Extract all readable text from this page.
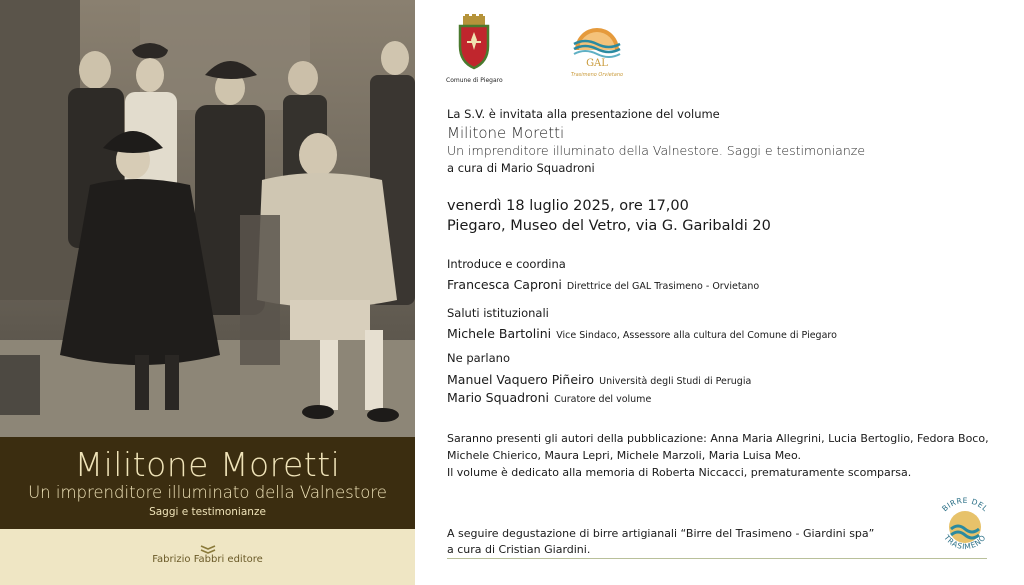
Militone Moretti
Un imprenditore illuminato della Valnestore
Saggi e testimonianze
Fabrizio Fabbri editore
Comune di Piegaro
GAL
Trasimeno Orvietano
La S.V. è invitata alla presentazione del volume
Militone Moretti
Un imprenditore illuminato della Valnestore. Saggi e testimonianze
a cura di Mario Squadroni
venerdì 18 luglio 2025, ore 17,00
Piegaro, Museo del Vetro, via G. Garibaldi 20
Introduce e coordina
Francesca Caproni Direttrice del GAL Trasimeno - Orvietano
Saluti istituzionali
Michele Bartolini Vice Sindaco, Assessore alla cultura del Comune di Piegaro
Ne parlano
Manuel Vaquero Piñeiro Università degli Studi di Perugia
Mario Squadroni Curatore del volume
Saranno presenti gli autori della pubblicazione: Anna Maria Allegrini, Lucia Bertoglio, Fedora Boco,
Michele Chierico, Maura Lepri, Michele Marzoli, Maria Luisa Meo.
Il volume è dedicato alla memoria di Roberta Niccacci, prematuramente scomparsa.
A seguire degustazione di birre artigianali “Birre del Trasimeno - Giardini spa”
a cura di Cristian Giardini.
BIRRE DEL
TRASIMENO
